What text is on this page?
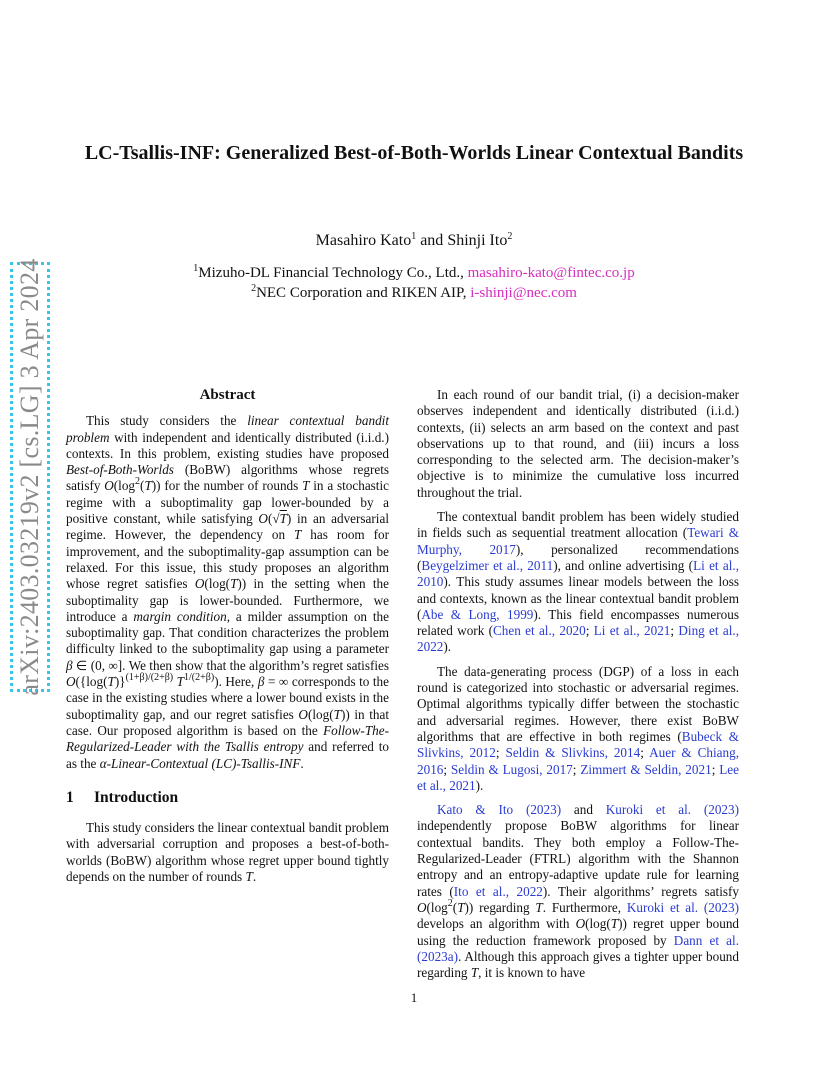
arXiv:2403.03219v2 [cs.LG] 3 Apr 2024
LC-Tsallis-INF: Generalized Best-of-Both-Worlds Linear Contextual Bandits
Masahiro Kato$^1$ and Shinji Ito$^2$
$^1$Mizuho-DL Financial Technology Co., Ltd., masahiro-kato@fintec.co.jp
$^2$NEC Corporation and RIKEN AIP, i-shinji@nec.com
Abstract

This study considers the linear contextual bandit problem with independent and identically distributed (i.i.d.) contexts. In this problem, existing studies have proposed Best-of-Both-Worlds (BoBW) algorithms whose regrets satisfy $O(\log^2(T))$ for the number of rounds T in a stochastic regime with a suboptimality gap lower-bounded by a positive constant, while satisfying O(√T) in an adversarial regime. However, the dependency on T has room for improvement, and the suboptimality-gap assumption can be relaxed. For this issue, this study proposes an algorithm whose regret satisfies O(log(T)) in the setting when the suboptimality gap is lower-bounded. Furthermore, we introduce a margin condition, a milder assumption on the suboptimality gap. That condition characterizes the problem difficulty linked to the suboptimality gap using a parameter β ∈ (0, ∞]. We then show that the algorithm’s regret satisfies $O(\{\log(T)\}^{(1+\beta)/(2+\beta)}$ $T^{1/(2+\beta)}$). Here, β = ∞ corresponds to the case in the existing studies where a lower bound exists in the suboptimality gap, and our regret satisfies O(log(T)) in that case. Our proposed algorithm is based on the Follow-The-Regularized-Leader with the Tsallis entropy and referred to as the α-Linear-Contextual (LC)-Tsallis-INF.

1 Introduction

This study considers the linear contextual bandit problem with adversarial corruption and proposes a best-of-both-worlds (BoBW) algorithm whose regret upper bound tightly depends on the number of rounds T.

In each round of our bandit trial, (i) a decision-maker observes independent and identically distributed (i.i.d.) contexts, (ii) selects an arm based on the context and past observations up to that round, and (iii) incurs a loss corresponding to the selected arm. The decision-maker’s objective is to minimize the cumulative loss incurred throughout the trial.

The contextual bandit problem has been widely studied in fields such as sequential treatment allocation (Tewari & Murphy, 2017), personalized recommendations (Beygelzimer et al., 2011), and online advertising (Li et al., 2010). This study assumes linear models between the loss and contexts, known as the linear contextual bandit problem (Abe & Long, 1999). This field encompasses numerous related work (Chen et al., 2020; Li et al., 2021; Ding et al., 2022).

The data-generating process (DGP) of a loss in each round is categorized into stochastic or adversarial regimes. Optimal algorithms typically differ between the stochastic and adversarial regimes. However, there exist BoBW algorithms that are effective in both regimes (Bubeck & Slivkins, 2012; Seldin & Slivkins, 2014; Auer & Chiang, 2016; Seldin & Lugosi, 2017; Zimmert & Seldin, 2021; Lee et al., 2021).

Kato & Ito (2023) and Kuroki et al. (2023) independently propose BoBW algorithms for linear contextual bandits. They both employ a Follow-The-Regularized-Leader (FTRL) algorithm with the Shannon entropy and an entropy-adaptive update rule for learning rates (Ito et al., 2022). Their algorithms’ regrets satisfy $O(\log^2(T))$ regarding T. Furthermore, Kuroki et al. (2023) develops an algorithm with O(log(T)) regret upper bound using the reduction framework proposed by Dann et al. (2023a). Although this approach gives a tighter upper bound regarding T, it is known to have

1
